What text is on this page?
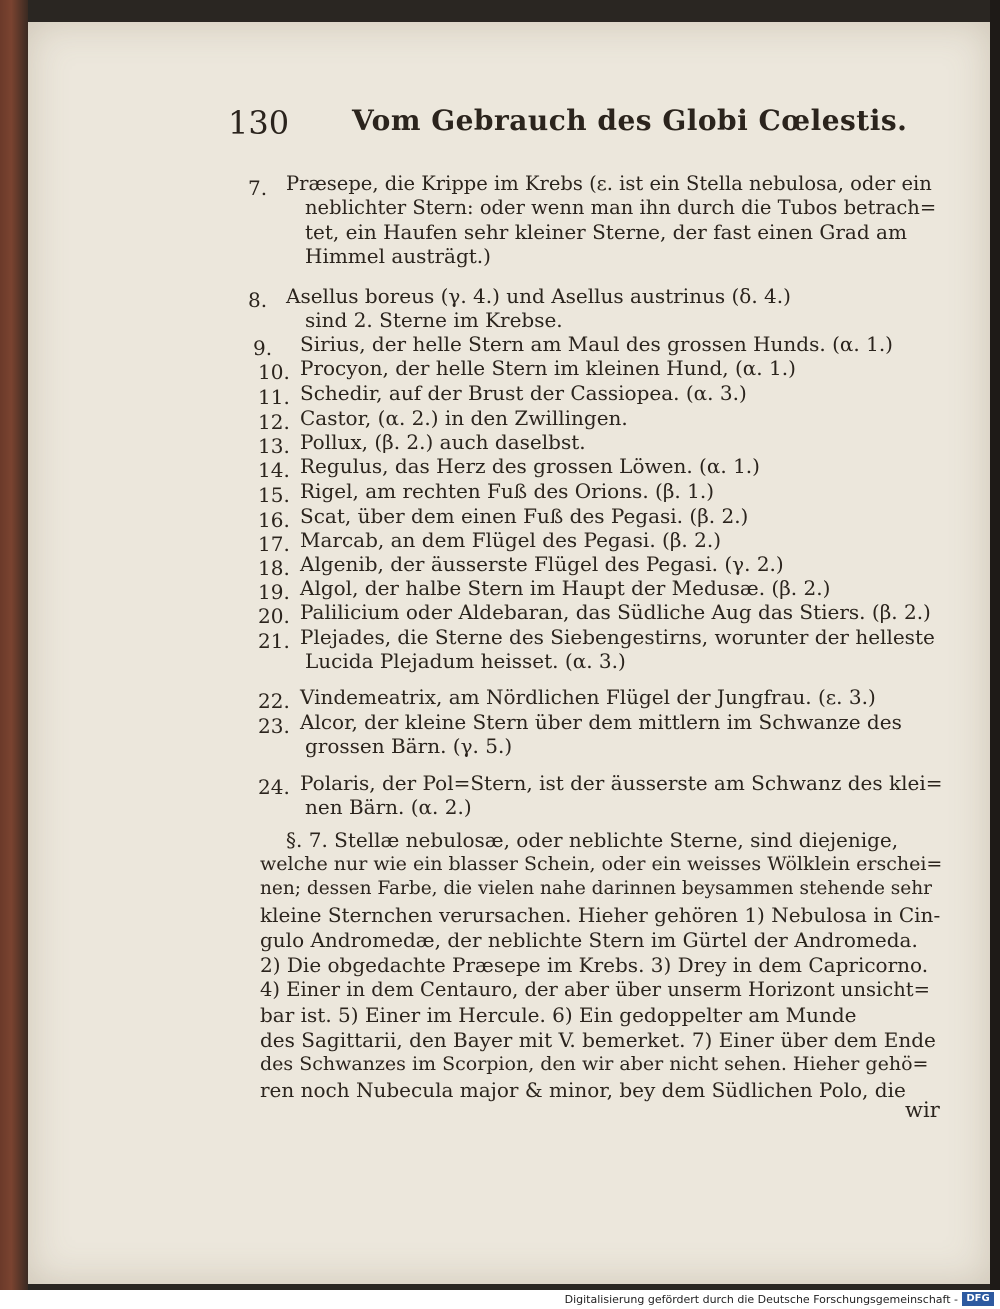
130 Vom Gebrauch des Globi Cœlestis.
7. Præsepe, die Krippe im Krebs (ε. ist ein Stella nebulosa, oder ein
neblichter Stern: oder wenn man ihn durch die Tubos betrach=
tet, ein Haufen sehr kleiner Sterne, der fast einen Grad am
Himmel austrägt.)
8. Asellus boreus (γ. 4.) und Asellus austrinus (δ. 4.)
sind 2. Sterne im Krebse.
9. Sirius, der helle Stern am Maul des grossen Hunds. (α. 1.)
10. Procyon, der helle Stern im kleinen Hund, (α. 1.)
11. Schedir, auf der Brust der Cassiopea. (α. 3.)
12. Castor, (α. 2.) in den Zwillingen.
13. Pollux, (β. 2.) auch daselbst.
14. Regulus, das Herz des grossen Löwen. (α. 1.)
15. Rigel, am rechten Fuß des Orions. (β. 1.)
16. Scat, über dem einen Fuß des Pegasi. (β. 2.)
17. Marcab, an dem Flügel des Pegasi. (β. 2.)
18. Algenib, der äusserste Flügel des Pegasi. (γ. 2.)
19. Algol, der halbe Stern im Haupt der Medusæ. (β. 2.)
20. Palilicium oder Aldebaran, das Südliche Aug das Stiers. (β. 2.)
21. Plejades, die Sterne des Siebengestirns, worunter der helleste
Lucida Plejadum heisset. (α. 3.)
22. Vindemeatrix, am Nördlichen Flügel der Jungfrau. (ε. 3.)
23. Alcor, der kleine Stern über dem mittlern im Schwanze des
grossen Bärn. (γ. 5.)
24. Polaris, der Pol=Stern, ist der äusserste am Schwanz des klei=
nen Bärn. (α. 2.)
§. 7. Stellæ nebulosæ, oder neblichte Sterne, sind diejenige,
welche nur wie ein blasser Schein, oder ein weisses Wölklein erschei=
nen; dessen Farbe, die vielen nahe darinnen beysammen stehende sehr
kleine Sternchen verursachen. Hieher gehören 1) Nebulosa in Cin-
gulo Andromedæ, der neblichte Stern im Gürtel der Andromeda.
2) Die obgedachte Præsepe im Krebs. 3) Drey in dem Capricorno.
4) Einer in dem Centauro, der aber über unserm Horizont unsicht=
bar ist. 5) Einer im Hercule. 6) Ein gedoppelter am Munde
des Sagittarii, den Bayer mit V. bemerket. 7) Einer über dem Ende
des Schwanzes im Scorpion, den wir aber nicht sehen. Hieher gehö=
ren noch Nubecula major & minor, bey dem Südlichen Polo, die
wir
Digitalisierung gefördert durch die Deutsche Forschungsgemeinschaft - DFG
